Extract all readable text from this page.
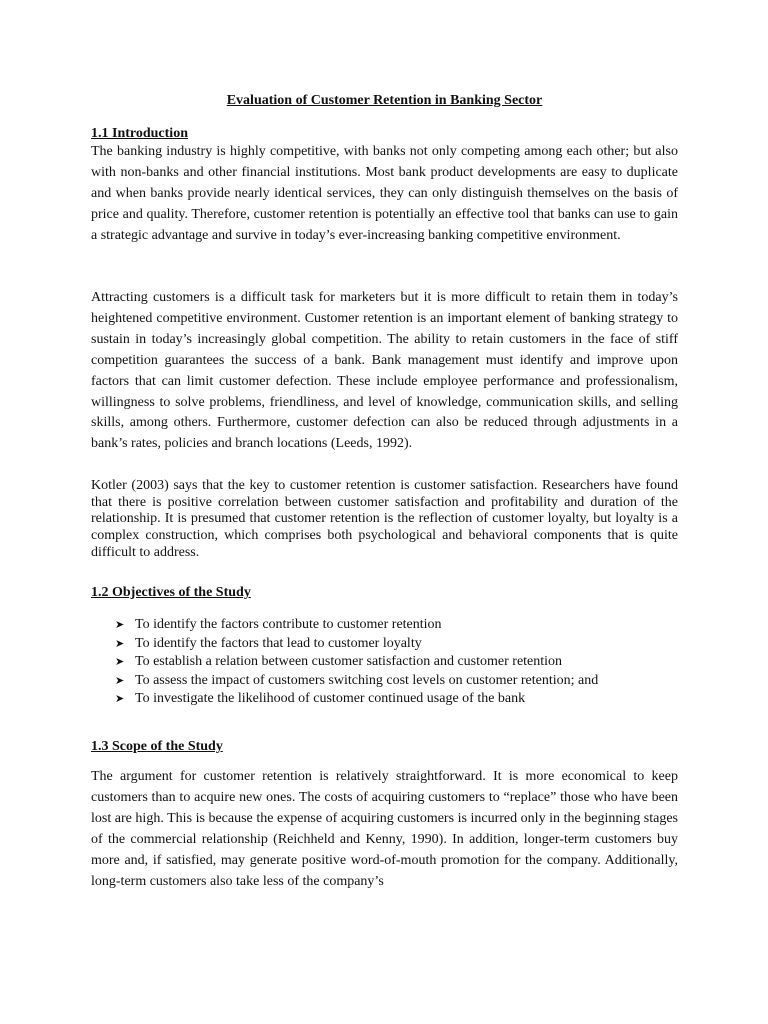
Evaluation of Customer Retention in Banking Sector
1.1 Introduction

The banking industry is highly competitive, with banks not only competing among each other; but also with non-banks and other financial institutions. Most bank product developments are easy to duplicate and when banks provide nearly identical services, they can only distinguish themselves on the basis of price and quality. Therefore, customer retention is potentially an effective tool that banks can use to gain a strategic advantage and survive in today’s ever-increasing banking competitive environment.

Attracting customers is a difficult task for marketers but it is more difficult to retain them in today’s heightened competitive environment. Customer retention is an important element of banking strategy to sustain in today’s increasingly global competition. The ability to retain customers in the face of stiff competition guarantees the success of a bank. Bank management must identify and improve upon factors that can limit customer defection. These include employee performance and professionalism, willingness to solve problems, friendliness, and level of knowledge, communication skills, and selling skills, among others. Furthermore, customer defection can also be reduced through adjustments in a bank’s rates, policies and branch locations (Leeds, 1992).

Kotler (2003) says that the key to customer retention is customer satisfaction. Researchers have found that there is positive correlation between customer satisfaction and profitability and duration of the relationship. It is presumed that customer retention is the reflection of customer loyalty, but loyalty is a complex construction, which comprises both psychological and behavioral components that is quite difficult to address.

1.2 Objectives of the Study
➤ To identify the factors contribute to customer retention
➤ To identify the factors that lead to customer loyalty
➤ To establish a relation between customer satisfaction and customer retention
➤ To assess the impact of customers switching cost levels on customer retention; and
➤ To investigate the likelihood of customer continued usage of the bank
1.3 Scope of the Study

The argument for customer retention is relatively straightforward. It is more economical to keep customers than to acquire new ones. The costs of acquiring customers to “replace” those who have been lost are high. This is because the expense of acquiring customers is incurred only in the beginning stages of the commercial relationship (Reichheld and Kenny, 1990). In addition, longer-term customers buy more and, if satisfied, may generate positive word-of-mouth promotion for the company. Additionally, long-term customers also take less of the company’s
